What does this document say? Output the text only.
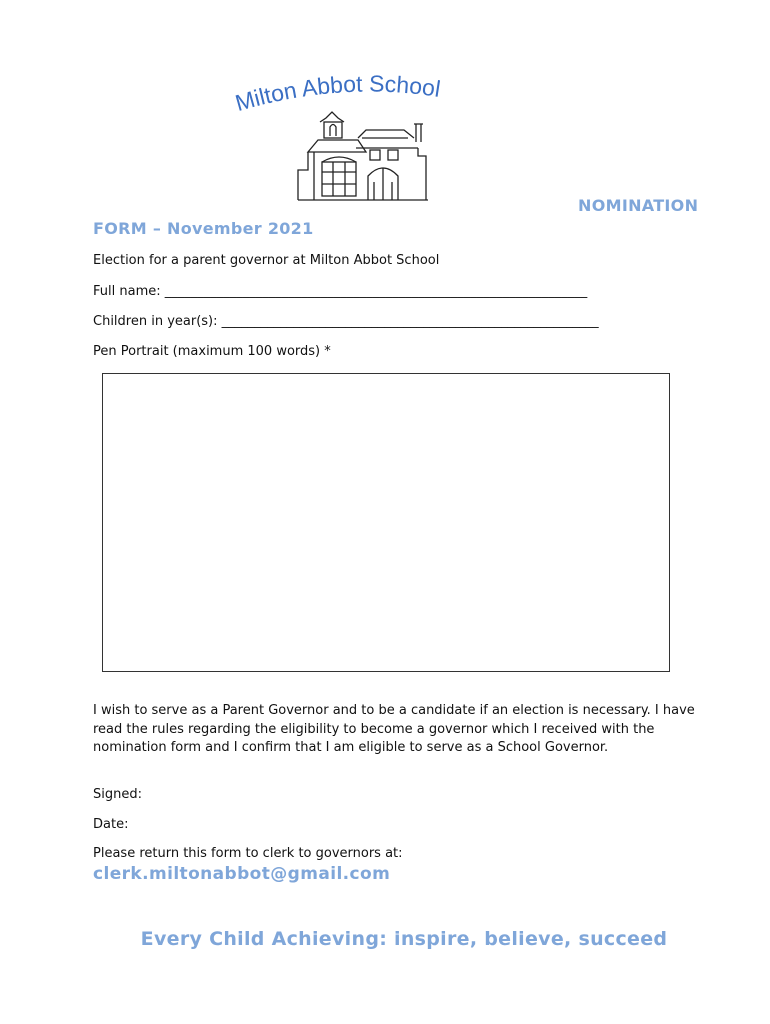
Milton Abbot School
NOMINATION
FORM – November 2021
Election for a parent governor at Milton Abbot School
Full name: _________________________________________________________________
Children in year(s): __________________________________________________________
Pen Portrait (maximum 100 words) *
I wish to serve as a Parent Governor and to be a candidate if an election is necessary. I have read the rules regarding the eligibility to become a governor which I received with the nomination form and I confirm that I am eligible to serve as a School Governor.
Signed:
Date:
Please return this form to clerk to governors at:
clerk.miltonabbot@gmail.com
Every Child Achieving: inspire, believe, succeed
